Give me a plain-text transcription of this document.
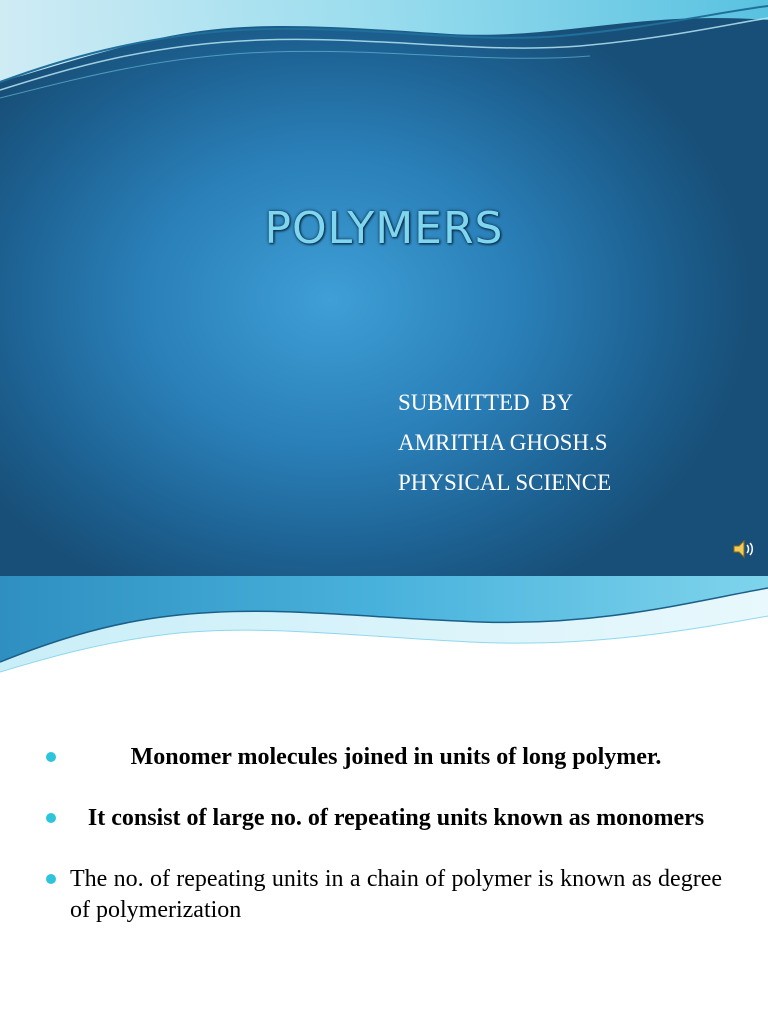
POLYMERS
SUBMITTED  BY
AMRITHA GHOSH.S
PHYSICAL SCIENCE
Monomer molecules joined in units of long polymer.
It consist of large no. of repeating units known as monomers
The no. of repeating units in a chain of polymer is known as degree of polymerization
